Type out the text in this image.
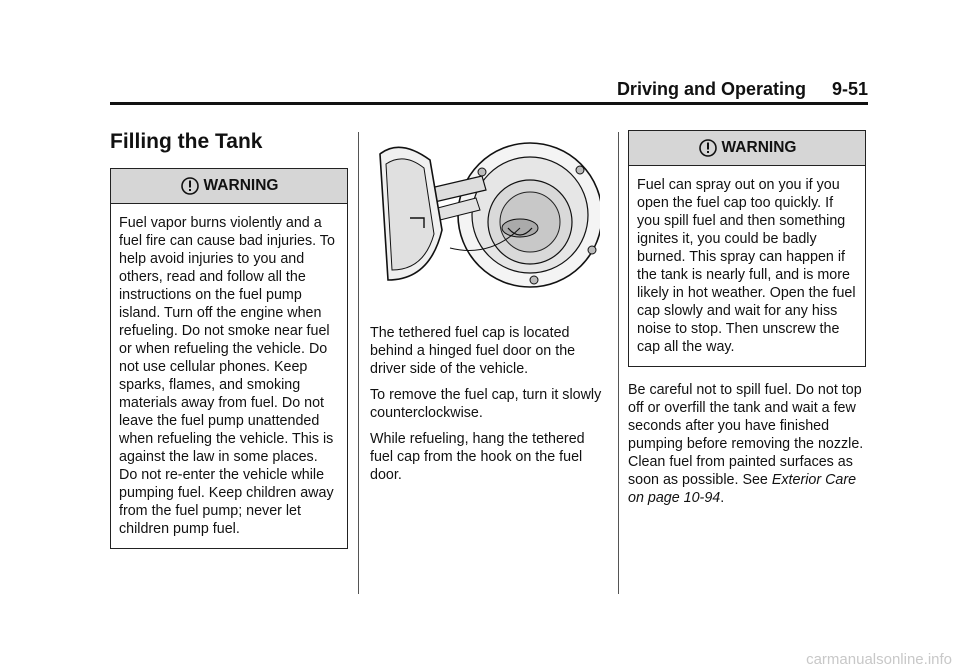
Driving and Operating 9-51
Filling the Tank
WARNING
Fuel vapor burns violently and a fuel fire can cause bad injuries. To help avoid injuries to you and others, read and follow all the instructions on the fuel pump island. Turn off the engine when refueling. Do not smoke near fuel or when refueling the vehicle. Do not use cellular phones. Keep sparks, flames, and smoking materials away from fuel. Do not leave the fuel pump unattended when refueling the vehicle. This is against the law in some places. Do not re-enter the vehicle while pumping fuel. Keep children away from the fuel pump; never let children pump fuel.

The tethered fuel cap is located behind a hinged fuel door on the driver side of the vehicle.

To remove the fuel cap, turn it slowly counterclockwise.

While refueling, hang the tethered fuel cap from the hook on the fuel door.

WARNING
Fuel can spray out on you if you open the fuel cap too quickly. If you spill fuel and then something ignites it, you could be badly burned. This spray can happen if the tank is nearly full, and is more likely in hot weather. Open the fuel cap slowly and wait for any hiss noise to stop. Then unscrew the cap all the way.

Be careful not to spill fuel. Do not top off or overfill the tank and wait a few seconds after you have finished pumping before removing the nozzle. Clean fuel from painted surfaces as soon as possible. See Exterior Care on page 10-94.

carmanualsonline.info
